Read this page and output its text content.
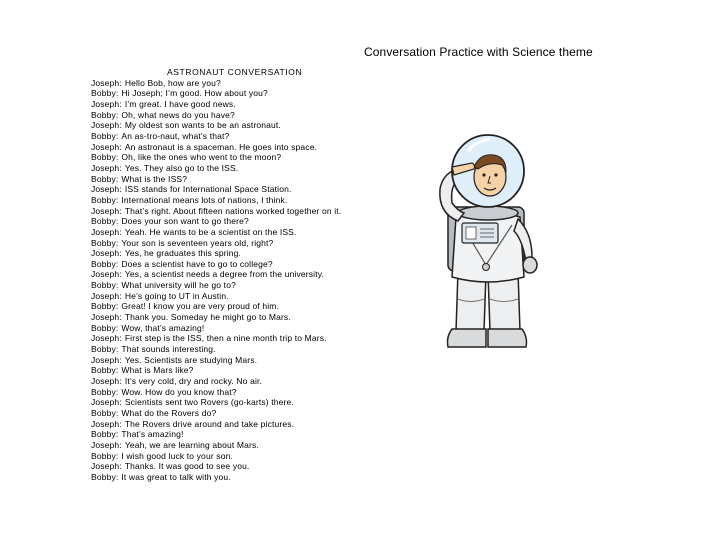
Conversation Practice with Science theme
ASTRONAUT CONVERSATION
Joseph: Hello Bob, how are you?
Bobby: Hi Joseph; I’m good. How about you?
Joseph: I’m great. I have good news.
Bobby: Oh, what news do you have?
Joseph: My oldest son wants to be an astronaut.
Bobby: An as-tro-naut, what’s that?
Joseph: An astronaut is a spaceman. He goes into space.
Bobby: Oh, like the ones who went to the moon?
Joseph: Yes. They also go to the ISS.
Bobby: What is the ISS?
Joseph: ISS stands for International Space Station.
Bobby: International means lots of nations, I think.
Joseph: That’s right. About fifteen nations worked together on it.
Bobby: Does your son want to go there?
Joseph: Yeah. He wants to be a scientist on the ISS.
Bobby: Your son is seventeen years old, right?
Joseph: Yes, he graduates this spring.
Bobby: Does a scientist have to go to college?
Joseph: Yes, a scientist needs a degree from the university.
Bobby: What university will he go to?
Joseph: He’s going to UT in Austin.
Bobby: Great! I know you are very proud of him.
Joseph: Thank you. Someday he might go to Mars.
Bobby: Wow, that’s amazing!
Joseph: First step is the ISS, then a nine month trip to Mars.
Bobby: That sounds interesting.
Joseph: Yes. Scientists are studying Mars.
Bobby: What is Mars like?
Joseph: It’s very cold, dry and rocky. No air.
Bobby: Wow. How do you know that?
Joseph: Scientists sent two Rovers (go-karts) there.
Bobby: What do the Rovers do?
Joseph: The Rovers drive around and take pictures.
Bobby: That’s amazing!
Joseph: Yeah, we are learning about Mars.
Bobby: I wish good luck to your son.
Joseph: Thanks. It was good to see you.
Bobby: It was great to talk with you.
